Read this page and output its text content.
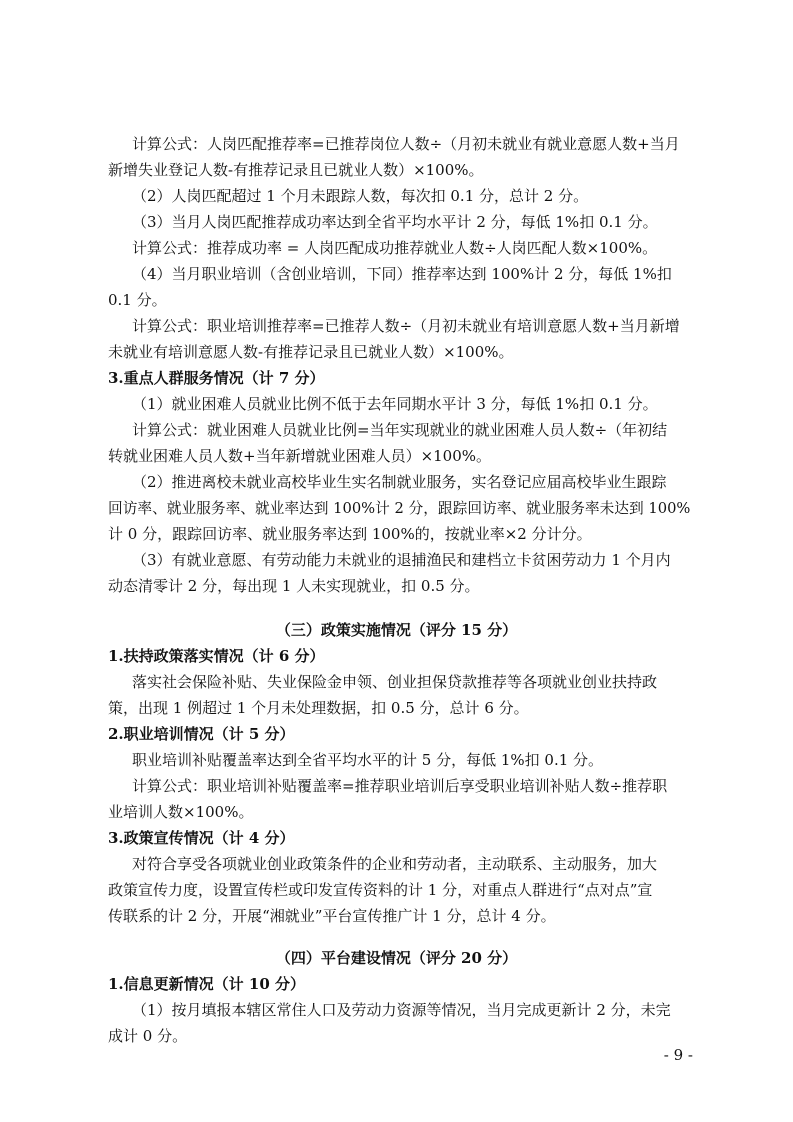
计算公式：人岗匹配推荐率=已推荐岗位人数÷（月初未就业有就业意愿人数+当月
新增失业登记人数-有推荐记录且已就业人数）×100%。
（2）人岗匹配超过 1 个月未跟踪人数，每次扣 0.1 分，总计 2 分。
（3）当月人岗匹配推荐成功率达到全省平均水平计 2 分，每低 1%扣 0.1 分。
计算公式：推荐成功率 = 人岗匹配成功推荐就业人数÷人岗匹配人数×100%。
（4）当月职业培训（含创业培训，下同）推荐率达到 100%计 2 分，每低 1%扣
0.1 分。
计算公式：职业培训推荐率=已推荐人数÷（月初未就业有培训意愿人数+当月新增
未就业有培训意愿人数-有推荐记录且已就业人数）×100%。
3.重点人群服务情况（计 7 分）
（1）就业困难人员就业比例不低于去年同期水平计 3 分，每低 1%扣 0.1 分。
计算公式：就业困难人员就业比例=当年实现就业的就业困难人员人数÷（年初结
转就业困难人员人数+当年新增就业困难人员）×100%。
（2）推进离校未就业高校毕业生实名制就业服务，实名登记应届高校毕业生跟踪
回访率、就业服务率、就业率达到 100%计 2 分，跟踪回访率、就业服务率未达到 100%
计 0 分，跟踪回访率、就业服务率达到 100%的，按就业率×2 分计分。
（3）有就业意愿、有劳动能力未就业的退捕渔民和建档立卡贫困劳动力 1 个月内
动态清零计 2 分，每出现 1 人未实现就业，扣 0.5 分。
（三）政策实施情况（评分 15 分）
1.扶持政策落实情况（计 6 分）
落实社会保险补贴、失业保险金申领、创业担保贷款推荐等各项就业创业扶持政
策，出现 1 例超过 1 个月未处理数据，扣 0.5 分，总计 6 分。
2.职业培训情况（计 5 分）
职业培训补贴覆盖率达到全省平均水平的计 5 分，每低 1%扣 0.1 分。
计算公式：职业培训补贴覆盖率=推荐职业培训后享受职业培训补贴人数÷推荐职
业培训人数×100%。
3.政策宣传情况（计 4 分）
对符合享受各项就业创业政策条件的企业和劳动者，主动联系、主动服务，加大
政策宣传力度，设置宣传栏或印发宣传资料的计 1 分，对重点人群进行“点对点”宣
传联系的计 2 分，开展“湘就业”平台宣传推广计 1 分，总计 4 分。
（四）平台建设情况（评分 20 分）
1.信息更新情况（计 10 分）
（1）按月填报本辖区常住人口及劳动力资源等情况，当月完成更新计 2 分，未完
成计 0 分。
- 9 -
